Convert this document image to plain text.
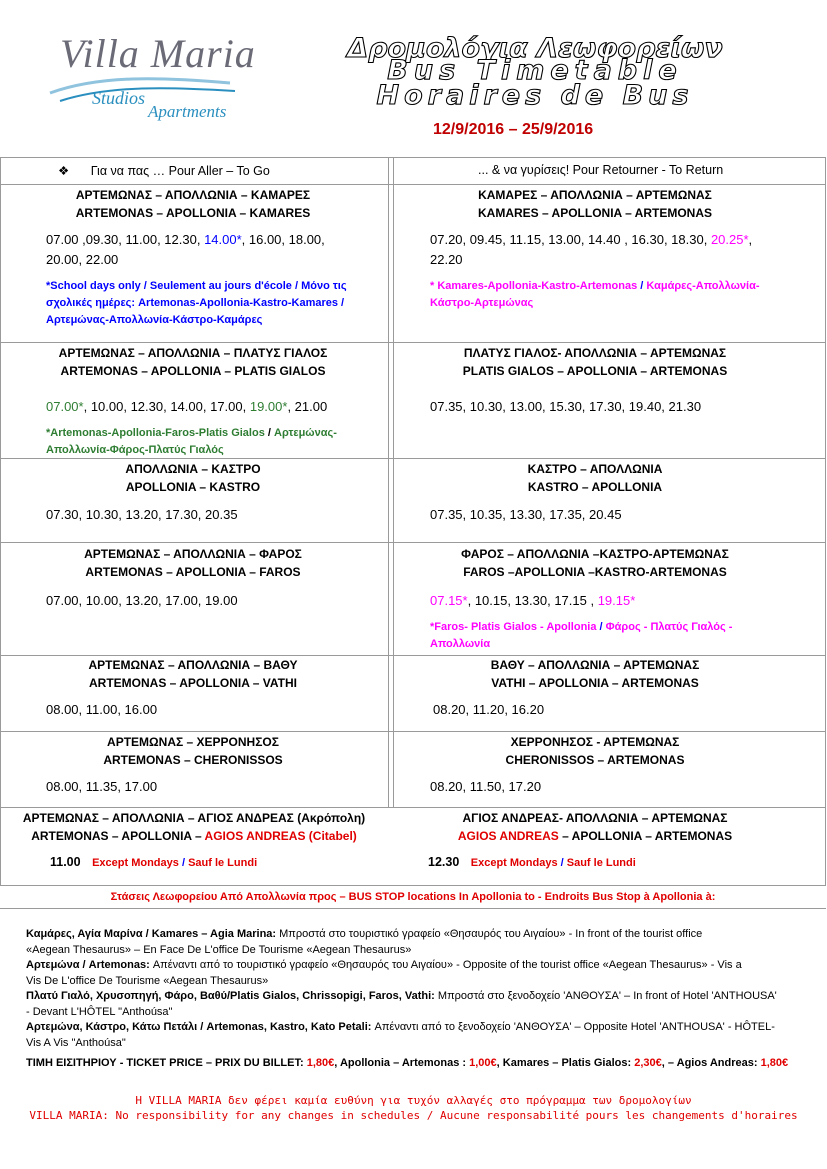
Villa Maria
Studios
Apartments
Δρομολόγια Λεωφορείων
Bus Timetable
Horaires de Bus
12/9/2016 – 25/9/2016
❖ Για να πας … Pour Aller – To Go	... & να γυρίσεις! Pour Retourner - To Return
ΑΡΤΕΜΩΝΑΣ – ΑΠΟΛΛΩΝΙΑ – ΚΑΜΑΡΕΣ
ARTEMONAS – APOLLONIA – KAMARES
07.00 ,09.30, 11.00, 12.30, 14.00*, 16.00, 18.00,
20.00, 22.00
*School days only / Seulement au jours d'école / Μόνο τις
σχολικές ημέρες: Artemonas-Apollonia-Kastro-Kamares /
Αρτεμώνας-Απολλωνία-Κάστρο-Καμάρες
ΚΑΜΑΡΕΣ – ΑΠΟΛΛΩΝΙΑ – ΑΡΤΕΜΩΝΑΣ
KAMARES – APOLLONIA – ARTEMONAS
07.20, 09.45, 11.15, 13.00, 14.40 , 16.30, 18.30, 20.25*,
22.20
* Kamares-Apollonia-Kastro-Artemonas / Καμάρες-Απολλωνία-
Κάστρο-Αρτεμώνας
ΑΡΤΕΜΩΝΑΣ – ΑΠΟΛΛΩΝΙΑ – ΠΛΑΤΥΣ ΓΙΑΛΟΣ
ARTEMONAS – APOLLONIA – PLATIS GIALOS
07.00*, 10.00, 12.30, 14.00, 17.00, 19.00*, 21.00
*Artemonas-Apollonia-Faros-Platis Gialos / Αρτεμώνας-
Απολλωνία-Φάρος-Πλατύς Γιαλός
ΠΛΑΤΥΣ ΓΙΑΛΟΣ- ΑΠΟΛΛΩΝΙΑ – ΑΡΤΕΜΩΝΑΣ
PLATIS GIALOS – APOLLONIA – ARTEMONAS
07.35, 10.30, 13.00, 15.30, 17.30, 19.40, 21.30
ΑΠΟΛΛΩΝΙΑ – ΚΑΣΤΡΟ
APOLLONIA – KASTRO
07.30, 10.30, 13.20, 17.30, 20.35
ΚΑΣΤΡΟ – ΑΠΟΛΛΩΝΙΑ
KASTRO – APOLLONIA
07.35, 10.35, 13.30, 17.35, 20.45
ΑΡΤΕΜΩΝΑΣ – ΑΠΟΛΛΩΝΙΑ – ΦΑΡΟΣ
ARTEMONAS – APOLLONIA – FAROS
07.00, 10.00, 13.20, 17.00, 19.00
ΦΑΡΟΣ – ΑΠΟΛΛΩΝΙΑ –ΚΑΣΤΡΟ-ΑΡΤΕΜΩΝΑΣ
FAROS –APOLLONIA –KASTRO-ARTEMONAS
07.15*, 10.15, 13.30, 17.15 , 19.15*
*Faros- Platis Gialos - Apollonia / Φάρος - Πλατύς Γιαλός -
Απολλωνία
ΑΡΤΕΜΩΝΑΣ – ΑΠΟΛΛΩΝΙΑ – ΒΑΘΥ
ARTEMONAS – APOLLONIA – VATHI
08.00, 11.00, 16.00
ΒΑΘΥ – ΑΠΟΛΛΩΝΙΑ – ΑΡΤΕΜΩΝΑΣ
VATHI – APOLLONIA – ARTEMONAS
08.20, 11.20, 16.20
ΑΡΤΕΜΩΝΑΣ – ΧΕΡΡΟΝΗΣΟΣ
ARTEMONAS – CHERONISSOS
08.00, 11.35, 17.00
ΧΕΡΡΟΝΗΣΟΣ - ΑΡΤΕΜΩΝΑΣ
CHERONISSOS – ARTEMONAS
08.20, 11.50, 17.20
ΑΡΤΕΜΩΝΑΣ – ΑΠΟΛΛΩΝΙΑ – ΑΓΙΟΣ ΑΝΔΡΕΑΣ (Ακρόπολη)
ARTEMONAS – APOLLONIA – AGIOS ANDREAS (Citabel)
11.00 Except Mondays / Sauf le Lundi
ΑΓΙΟΣ ΑΝΔΡΕΑΣ- ΑΠΟΛΛΩΝΙΑ – ΑΡΤΕΜΩΝΑΣ
AGIOS ANDREAS – APOLLONIA – ARTEMONAS
12.30 Except Mondays / Sauf le Lundi
Στάσεις Λεωφορείου Από Απολλωνία προς – BUS STOP locations In Apollonia to - Endroits Bus Stop à Apollonia à:
Καμάρες, Αγία Μαρίνα / Kamares – Agia Marina: Μπροστά στο τουριστικό γραφείο «Θησαυρός του Αιγαίου» - In front of the tourist office
«Aegean Thesaurus» – En Face De L'office De Tourisme «Aegean Thesaurus»
Αρτεμώνα / Artemonas: Απέναντι από το τουριστικό γραφείο «Θησαυρός του Αιγαίου» - Opposite of the tourist office «Aegean Thesaurus» - Vis a
Vis De L'office De Tourisme «Aegean Thesaurus»
Πλατύ Γιαλό, Χρυσοπηγή, Φάρο, Βαθύ/Platis Gialos, Chrissopigi, Faros, Vathi: Μπροστά στο ξενοδοχείο 'ΑΝΘΟΥΣΑ' – In front of Hotel 'ANTHOUSA'
- Devant L'HÔTEL "Anthoúsa"
Αρτεμώνα, Κάστρο, Κάτω Πετάλι / Artemonas, Kastro, Kato Petali: Απέναντι από το ξενοδοχείο 'ΑΝΘΟΥΣΑ' – Opposite Hotel 'ANTHOUSA' - HÔTEL-
Vis A Vis "Anthoúsa"
ΤΙΜΗ ΕΙΣΙΤΗΡΙΟΥ - TICKET PRICE – PRIX DU BILLET: 1,80€, Apollonia – Artemonas : 1,00€, Kamares – Platis Gialos: 2,30€, – Agios Andreas: 1,80€
Η VILLA MARIA δεν φέρει καμία ευθύνη για τυχόν αλλαγές στο πρόγραμμα των δρομολογίων
VILLA MARIA: No responsibility for any changes in schedules / Aucune responsabilité pours les changements d'horaires
